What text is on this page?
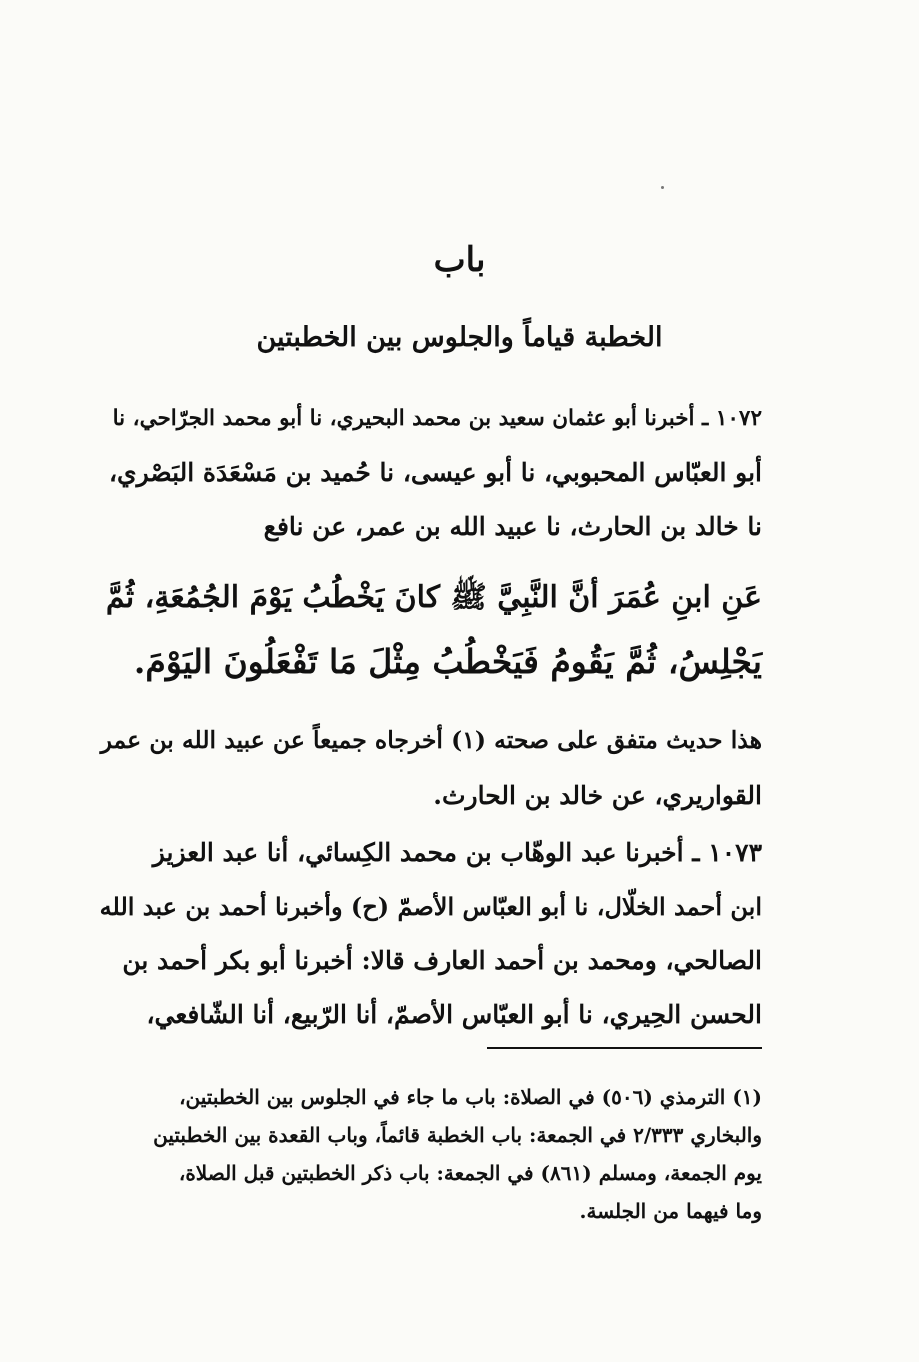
باب
الخطبة قياماً والجلوس بين الخطبتين
١٠٧٢ ـ أخبرنا أبو عثمان سعيد بن محمد البحيري، نا أبو محمد الجرّاحي، نا
أبو العبّاس المحبوبي، نا أبو عيسى، نا حُميد بن مَسْعَدَة البَصْري،
نا خالد بن الحارث، نا عبيد الله بن عمر، عن نافع
عَنِ ابنِ عُمَرَ أنَّ النَّبِيَّ ﷺ كانَ يَخْطُبُ يَوْمَ الجُمُعَةِ، ثُمَّ
يَجْلِسُ، ثُمَّ يَقُومُ فَيَخْطُبُ مِثْلَ مَا تَفْعَلُونَ اليَوْمَ.
هذا حديث متفق على صحته (١) أخرجاه جميعاً عن عبيد الله بن عمر
القواريري، عن خالد بن الحارث.
١٠٧٣ ـ أخبرنا عبد الوهّاب بن محمد الكِسائي، أنا عبد العزيز
ابن أحمد الخلّال، نا أبو العبّاس الأصمّ (ح) وأخبرنا أحمد بن عبد الله
الصالحي، ومحمد بن أحمد العارف قالا: أخبرنا أبو بكر أحمد بن
الحسن الحِيري، نا أبو العبّاس الأصمّ، أنا الرّبيع، أنا الشّافعي،
(١) الترمذي (٥٠٦) في الصلاة: باب ما جاء في الجلوس بين الخطبتين،
والبخاري ٢/٣٣٣ في الجمعة: باب الخطبة قائماً، وباب القعدة بين الخطبتين
يوم الجمعة، ومسلم (٨٦١) في الجمعة: باب ذكر الخطبتين قبل الصلاة،
وما فيهما من الجلسة.
